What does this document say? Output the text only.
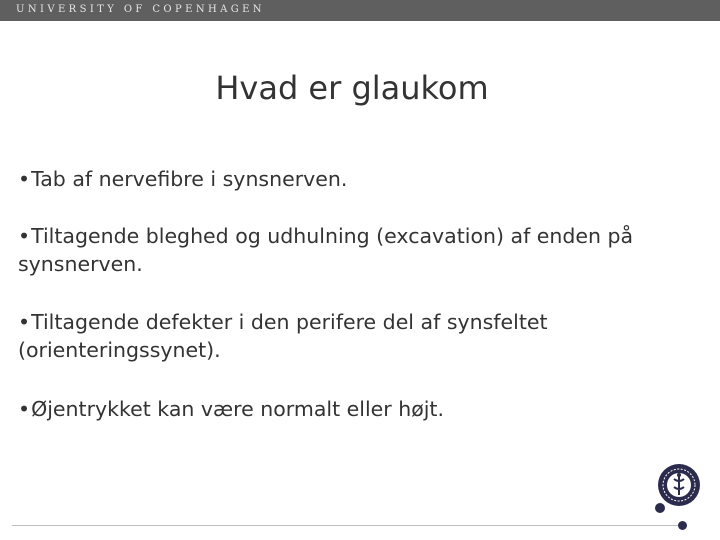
UNIVERSITY OF COPENHAGEN
Hvad er glaukom
•Tab af nervefibre i synsnerven.
•Tiltagende bleghed og udhulning (excavation) af enden på synsnerven.
•Tiltagende defekter i den perifere del af synsfeltet (orienteringssynet).
•Øjentrykket kan være normalt eller højt.
